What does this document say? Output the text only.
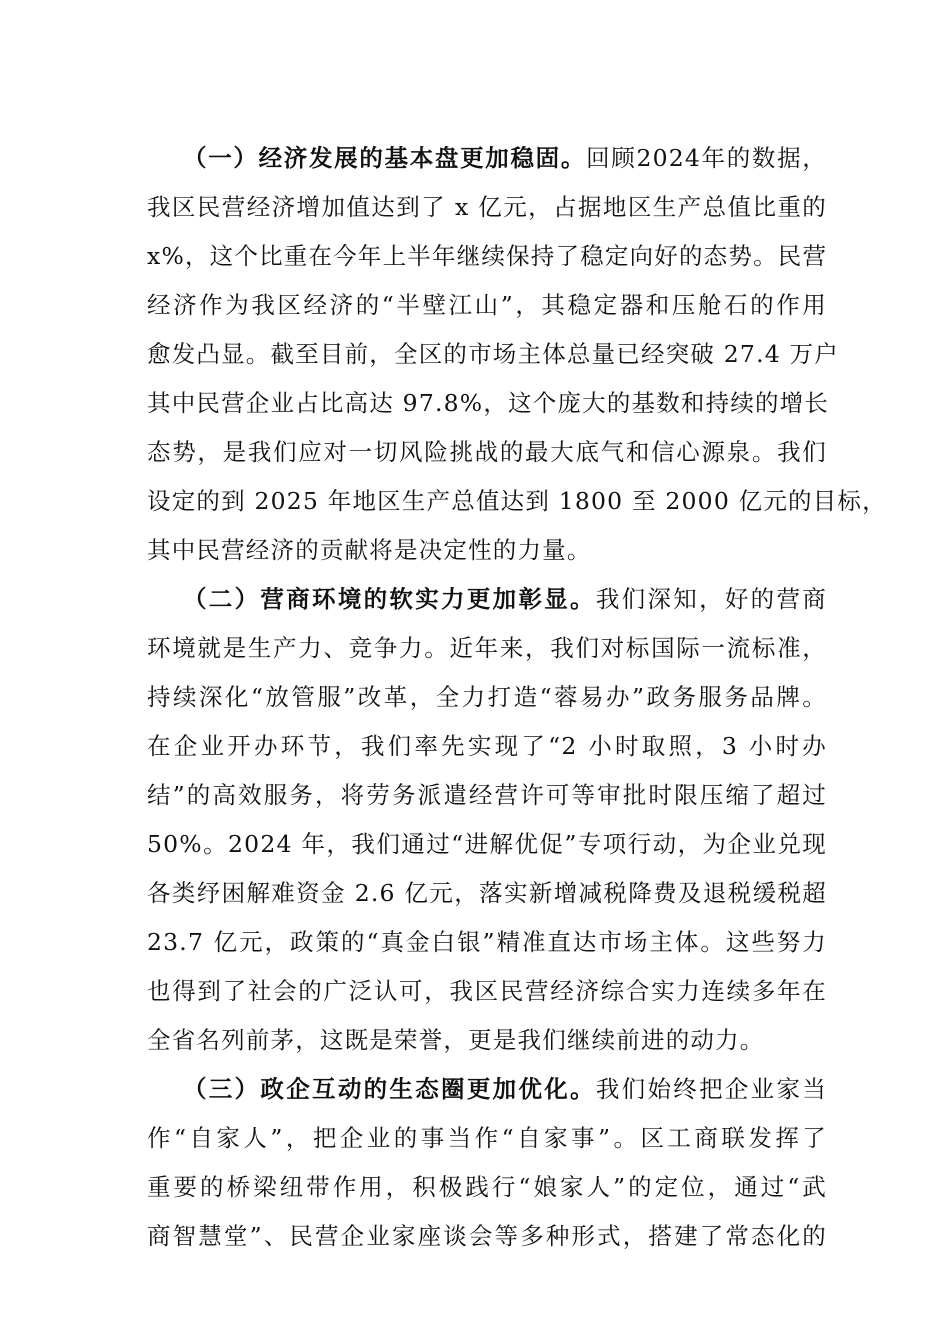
（一）经济发展的基本盘更加稳固。回顾2024年的数据，
我区民营经济增加值达到了 x 亿元，占据地区生产总值比重的
x%，这个比重在今年上半年继续保持了稳定向好的态势。民营
经济作为我区经济的“半壁江山”，其稳定器和压舱石的作用
愈发凸显。截至目前，全区的市场主体总量已经突破 27.4 万户
其中民营企业占比高达 97.8%，这个庞大的基数和持续的增长
态势，是我们应对一切风险挑战的最大底气和信心源泉。我们
设定的到 2025 年地区生产总值达到 1800 至 2000 亿元的目标，
其中民营经济的贡献将是决定性的力量。
（二）营商环境的软实力更加彰显。我们深知，好的营商
环境就是生产力、竞争力。近年来，我们对标国际一流标准，
持续深化“放管服”改革，全力打造“蓉易办”政务服务品牌。
在企业开办环节，我们率先实现了“2 小时取照，3 小时办
结”的高效服务，将劳务派遣经营许可等审批时限压缩了超过
50%。2024 年，我们通过“进解优促”专项行动，为企业兑现
各类纾困解难资金 2.6 亿元，落实新增减税降费及退税缓税超
23.7 亿元，政策的“真金白银”精准直达市场主体。这些努力
也得到了社会的广泛认可，我区民营经济综合实力连续多年在
全省名列前茅，这既是荣誉，更是我们继续前进的动力。
（三）政企互动的生态圈更加优化。我们始终把企业家当
作“自家人”，把企业的事当作“自家事”。区工商联发挥了
重要的桥梁纽带作用，积极践行“娘家人”的定位，通过“武
商智慧堂”、民营企业家座谈会等多种形式，搭建了常态化的
